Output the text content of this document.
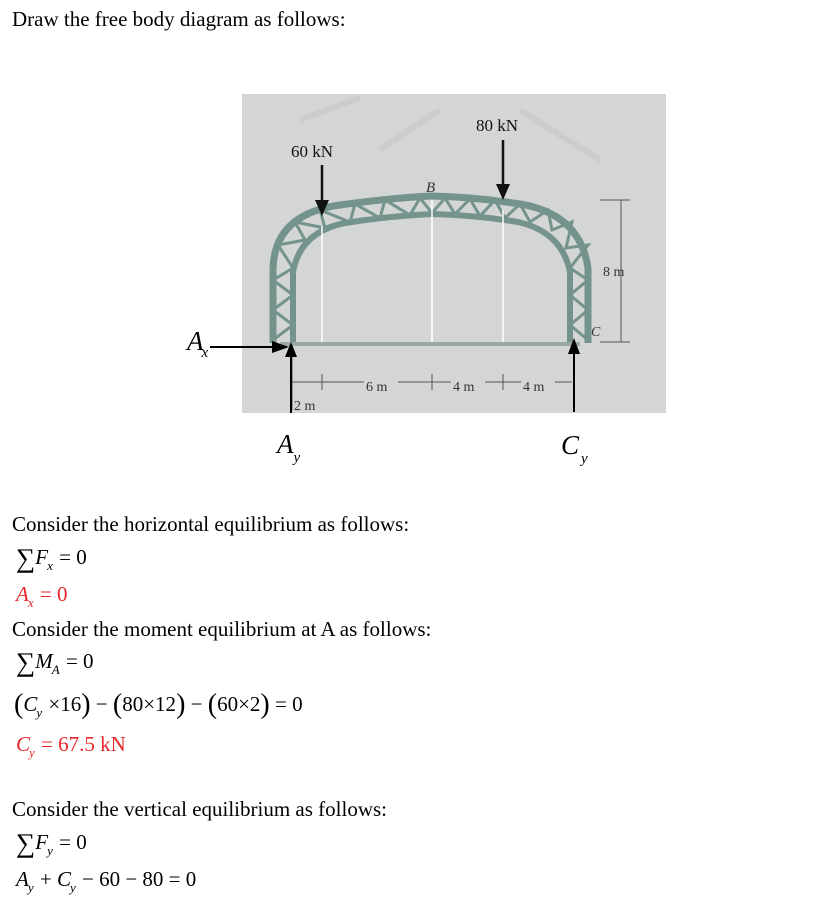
Draw the free body diagram as follows:
8 m
6 m	4 m	4 m
2 m
B
C
60 kN
80 kN
Ax
$A_y$	C $_y$
Consider the horizontal equilibrium as follows:
$\sum F_x = 0$
$A_x = 0$
Consider the moment equilibrium at A as follows:
$\sum M_A = 0$
$(C_y \times 16) - (80\times 12) - (60\times 2) = 0$
$C_y = 67.5$ kN
Consider the vertical equilibrium as follows:
$\sum F_y = 0$
$A_y + C_y - 60 - 80 = 0$
